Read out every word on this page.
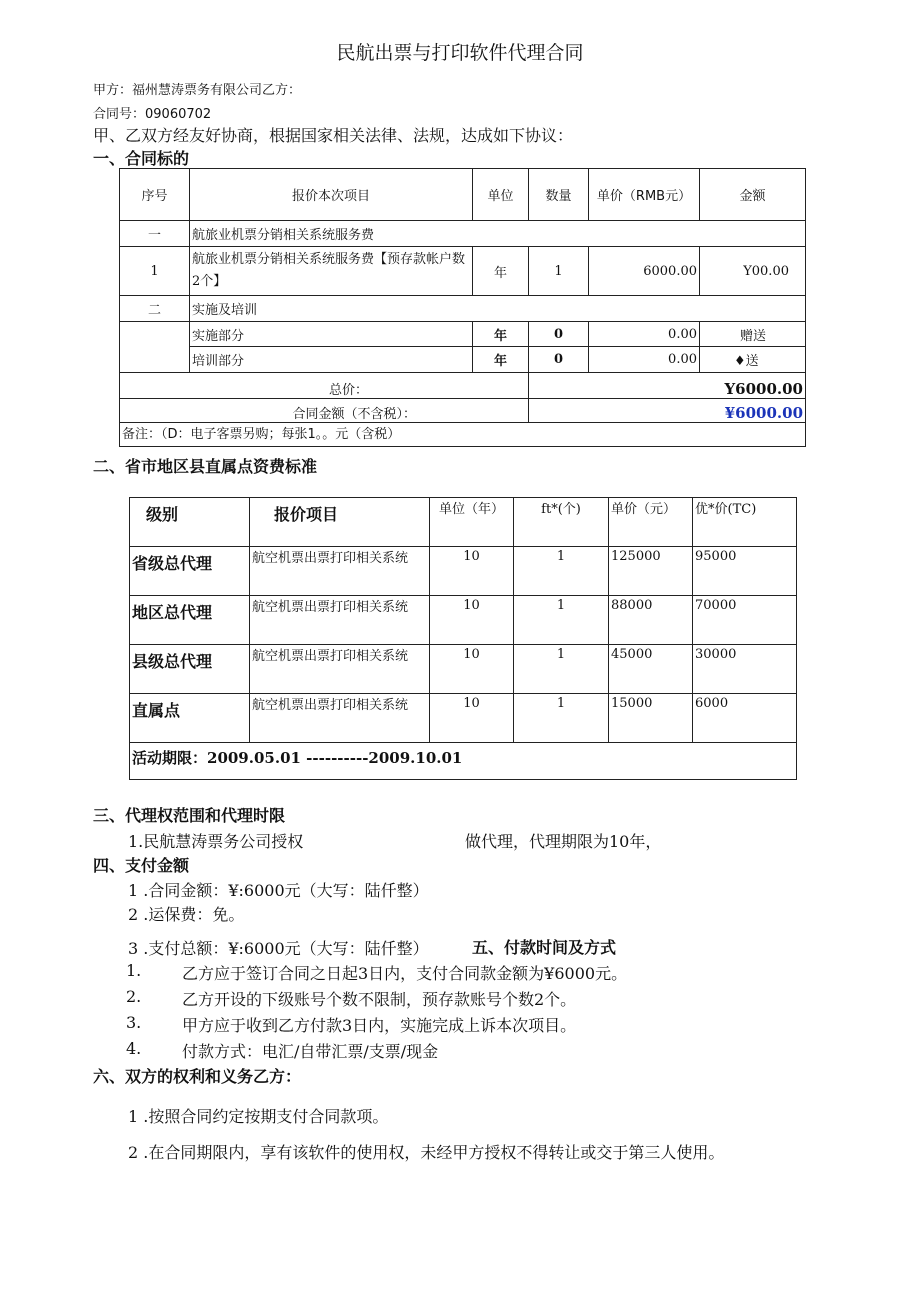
民航出票与打印软件代理合同
甲方：福州慧涛票务有限公司乙方：
合同号：09060702
甲、乙双方经友好协商，根据国家相关法律、法规，达成如下协议：
一、合同标的
序号	报价本次项目	单位	数量	单价（RMB元）	金额
一	航旅业机票分销相关系统服务费				
1	航旅业机票分销相关系统服务费【预存款帐户数2个】	年	1	6000.00	Y00.00
二	实施及培训				
	实施部分	年	0	0.00	赠送
	培训部分	年	0	0.00	♦送
总价：			Y6000.00		
合同金额（不含税）：			¥6000.00		
备注：（D：电子客票另购；每张1。。元（含税）					
二、省市地区县直属点资费标准
级别	报价项目	单位（年）	ft*(个)	单价（元）	优*价(TC)
省级总代理	航空机票出票打印相关系统	10	1	125000	95000
地区总代理	航空机票出票打印相关系统	10	1	88000	70000
县级总代理	航空机票出票打印相关系统	10	1	45000	30000
直属点	航空机票出票打印相关系统	10	1	15000	6000
活动期限：2009.05.01 ----------2009.10.01					
三、代理权范围和代理时限
1.民航慧涛票务公司授权	做代理，代理期限为10年，
四、支付金额
1 .合同金额：¥:6000元（大写：陆仟整）
2 .运保费：免。
3 .支付总额：¥:6000元（大写：陆仟整）	五、付款时间及方式
1.	乙方应于签订合同之日起3日内，支付合同款金额为¥6000元。
2.	乙方开设的下级账号个数不限制，预存款账号个数2个。
3.	甲方应于收到乙方付款3日内，实施完成上诉本次项目。
4.	付款方式：电汇/自带汇票/支票/现金
六、双方的权利和义务乙方：
1 .按照合同约定按期支付合同款项。
2 .在合同期限内，享有该软件的使用权，未经甲方授权不得转让或交于第三人使用。
